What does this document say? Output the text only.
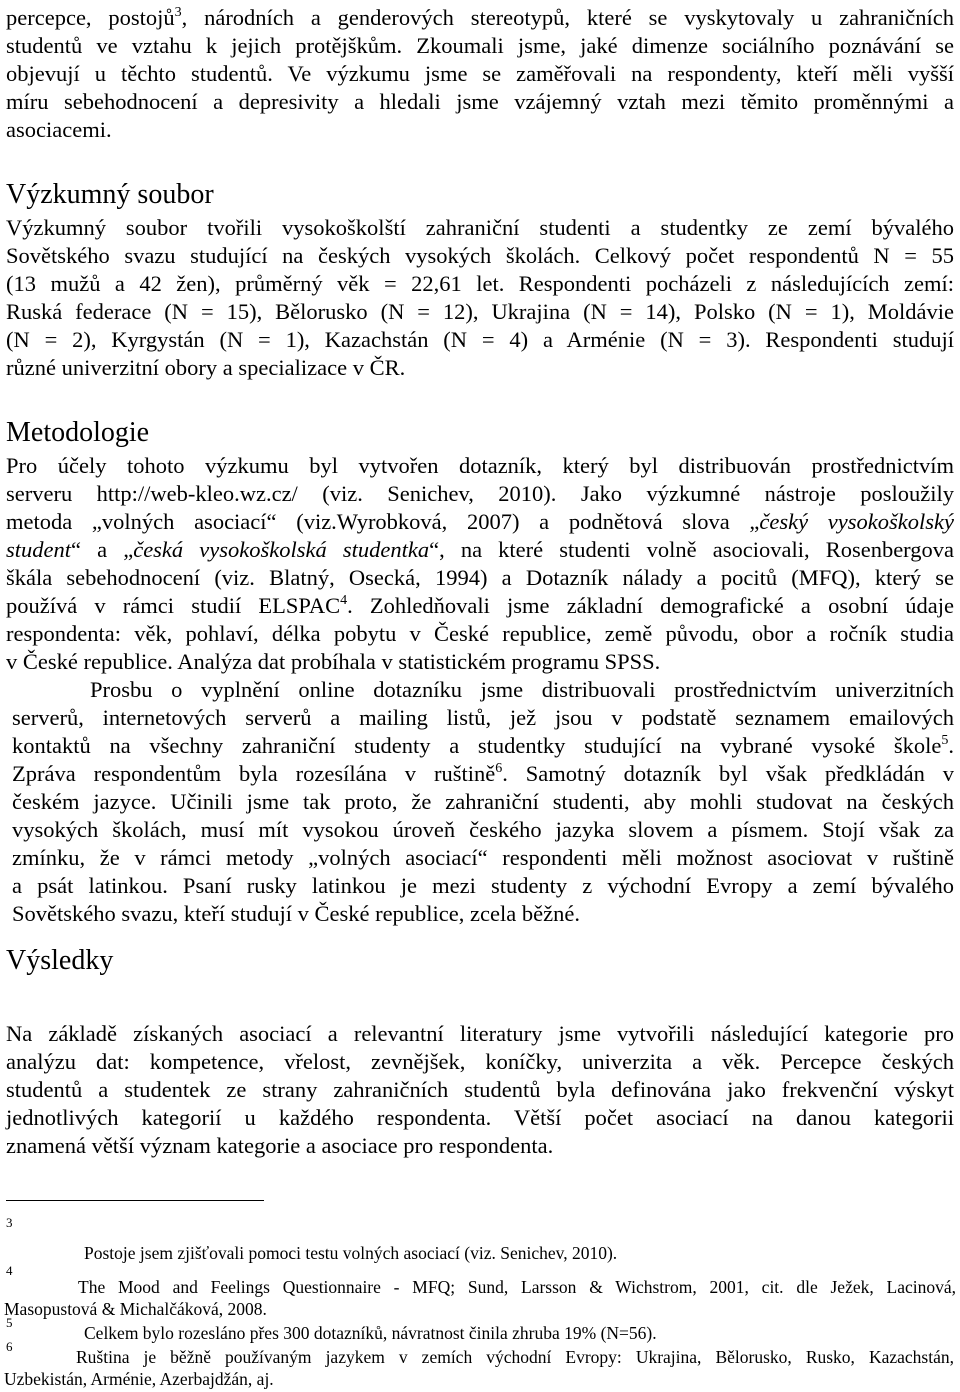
percepce, postojů$^3$, národních a genderových stereotypů, které se vyskytovaly u zahraničních
studentů ve vztahu k jejich protějškům. Zkoumali jsme, jaké dimenze sociálního poznávání se
objevují u těchto studentů. Ve výzkumu jsme se zaměřovali na respondenty, kteří měli vyšší
míru sebehodnocení a depresivity a hledali jsme vzájemný vztah mezi těmito proměnnými a
asociacemi.
Výzkumný soubor
Výzkumný soubor tvořili vysokoškolští zahraniční studenti a studentky ze zemí bývalého
Sovětského svazu studující na českých vysokých školách. Celkový počet respondentů N = 55
(13 mužů a 42 žen), průměrný věk = 22,61 let. Respondenti pocházeli z následujících zemí:
Ruská federace (N = 15), Bělorusko (N = 12), Ukrajina (N = 14), Polsko (N = 1), Moldávie
(N = 2), Kyrgystán (N = 1), Kazachstán (N = 4) a Arménie (N = 3). Respondenti studují
různé univerzitní obory a specializace v ČR.
Metodologie
Pro účely tohoto výzkumu byl vytvořen dotazník, který byl distribuován prostřednictvím
serveru http://web-kleo.wz.cz/ (viz. Senichev, 2010). Jako výzkumné nástroje posloužily
metoda „volných asociací“ (viz.Wyrobková, 2007) a podnětová slova „český vysokoškolský
student“ a „česká vysokoškolská studentka“, na které studenti volně asociovali, Rosenbergova
škála sebehodnocení (viz. Blatný, Osecká, 1994) a Dotazník nálady a pocitů (MFQ), který se
používá v rámci studií ELSPAC$^4$. Zohledňovali jsme základní demografické a osobní údaje
respondenta: věk, pohlaví, délka pobytu v České republice, země původu, obor a ročník studia
v České republice. Analýza dat probíhala v statistickém programu SPSS.
Prosbu o vyplnění online dotazníku jsme distribuovali prostřednictvím univerzitních
serverů, internetových serverů a mailing listů, jež jsou v podstatě seznamem emailových
kontaktů na všechny zahraniční studenty a studentky studující na vybrané vysoké škole$^5$.
Zpráva respondentům byla rozesílána v ruštině$^6$. Samotný dotazník byl však předkládán v
českém jazyce. Učinili jsme tak proto, že zahraniční studenti, aby mohli studovat na českých
vysokých školách, musí mít vysokou úroveň českého jazyka slovem a písmem. Stojí však za
zmínku, že v rámci metody „volných asociací“ respondenti měli možnost asociovat v ruštině
a psát latinkou. Psaní rusky latinkou je mezi studenty z východní Evropy a zemí bývalého
Sovětského svazu, kteří studují v České republice, zcela běžné.
Výsledky
Na základě získaných asociací a relevantní literatury jsme vytvořili následující kategorie pro
analýzu dat: kompetence, vřelost, zevnějšek, koníčky, univerzita a věk. Percepce českých
studentů a studentek ze strany zahraničních studentů byla definována jako frekvenční výskyt
jednotlivých kategorií u každého respondenta. Větší počet asociací na danou kategorii
znamená větší význam kategorie a asociace pro respondenta.
3
Postoje jsem zjišťovali pomoci testu volných asociací (viz. Senichev, 2010).
4
The Mood and Feelings Questionnaire - MFQ; Sund, Larsson & Wichstrom, 2001, cit. dle Ježek, Lacinová,
Masopustová & Michalčáková, 2008.
5
Celkem bylo rozesláno přes 300 dotazníků, návratnost činila zhruba 19% (N=56).
6
Ruština je běžně používaným jazykem v zemích východní Evropy: Ukrajina, Bělorusko, Rusko, Kazachstán,
Uzbekistán, Arménie, Azerbajdžán, aj.
